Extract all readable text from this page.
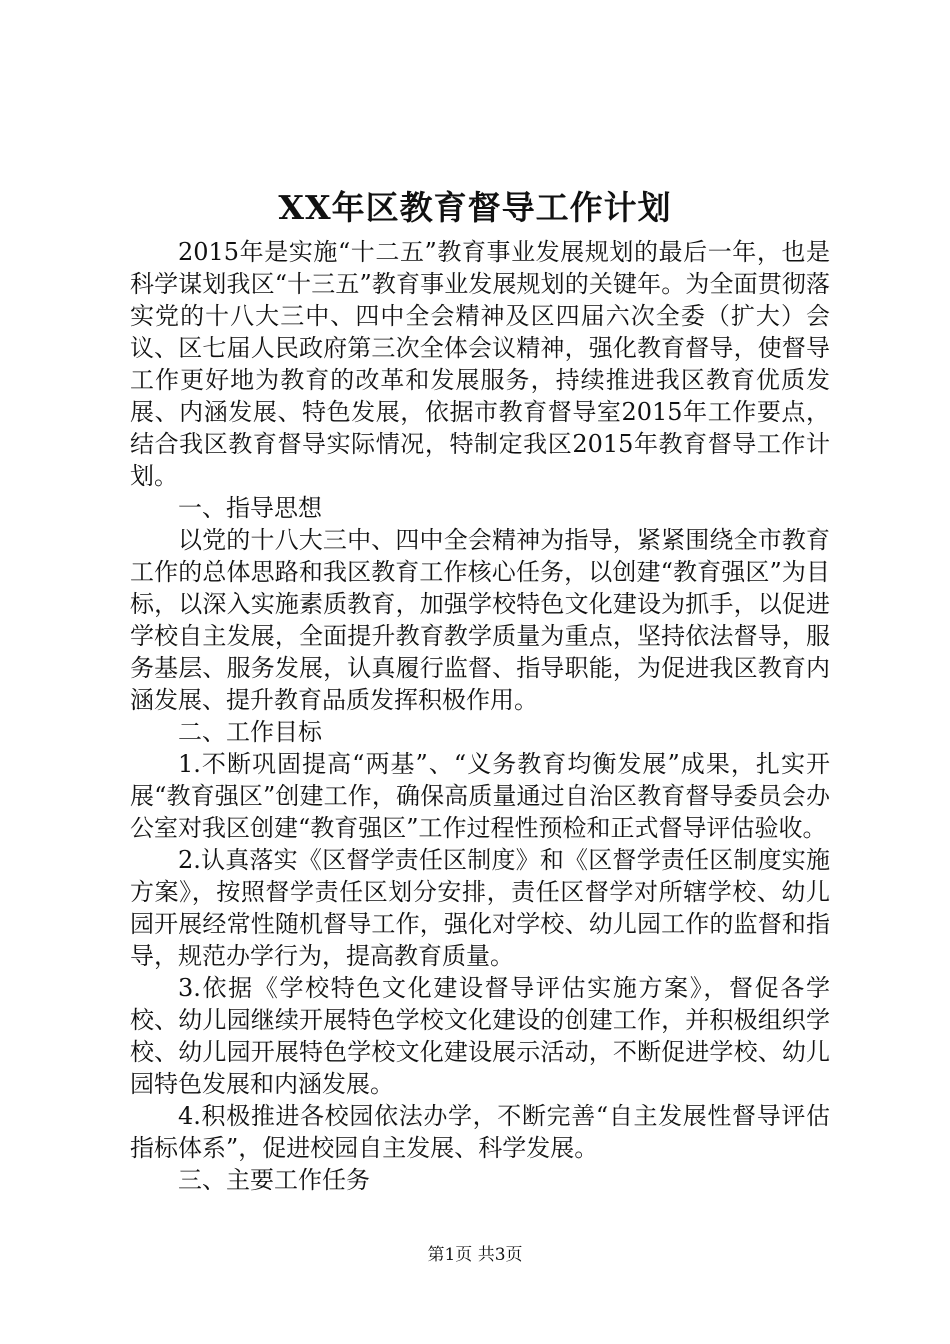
XX年区教育督导工作计划

2015年是实施“十二五”教育事业发展规划的最后一年，也是科学谋划我区“十三五”教育事业发展规划的关键年。为全面贯彻落实党的十八大三中、四中全会精神及区四届六次全委（扩大）会议、区七届人民政府第三次全体会议精神，强化教育督导，使督导工作更好地为教育的改革和发展服务，持续推进我区教育优质发展、内涵发展、特色发展，依据市教育督导室2015年工作要点，结合我区教育督导实际情况，特制定我区2015年教育督导工作计划。

一、指导思想

以党的十八大三中、四中全会精神为指导，紧紧围绕全市教育工作的总体思路和我区教育工作核心任务，以创建“教育强区”为目标，以深入实施素质教育，加强学校特色文化建设为抓手，以促进学校自主发展，全面提升教育教学质量为重点，坚持依法督导，服务基层、服务发展，认真履行监督、指导职能，为促进我区教育内涵发展、提升教育品质发挥积极作用。

二、工作目标

1.不断巩固提高“两基”、“义务教育均衡发展”成果，扎实开展“教育强区”创建工作，确保高质量通过自治区教育督导委员会办公室对我区创建“教育强区”工作过程性预检和正式督导评估验收。

2.认真落实《区督学责任区制度》和《区督学责任区制度实施方案》，按照督学责任区划分安排，责任区督学对所辖学校、幼儿园开展经常性随机督导工作，强化对学校、幼儿园工作的监督和指导，规范办学行为，提高教育质量。

3.依据《学校特色文化建设督导评估实施方案》，督促各学校、幼儿园继续开展特色学校文化建设的创建工作，并积极组织学校、幼儿园开展特色学校文化建设展示活动，不断促进学校、幼儿园特色发展和内涵发展。

4.积极推进各校园依法办学，不断完善“自主发展性督导评估指标体系”，促进校园自主发展、科学发展。

三、主要工作任务

第1页 共3页
